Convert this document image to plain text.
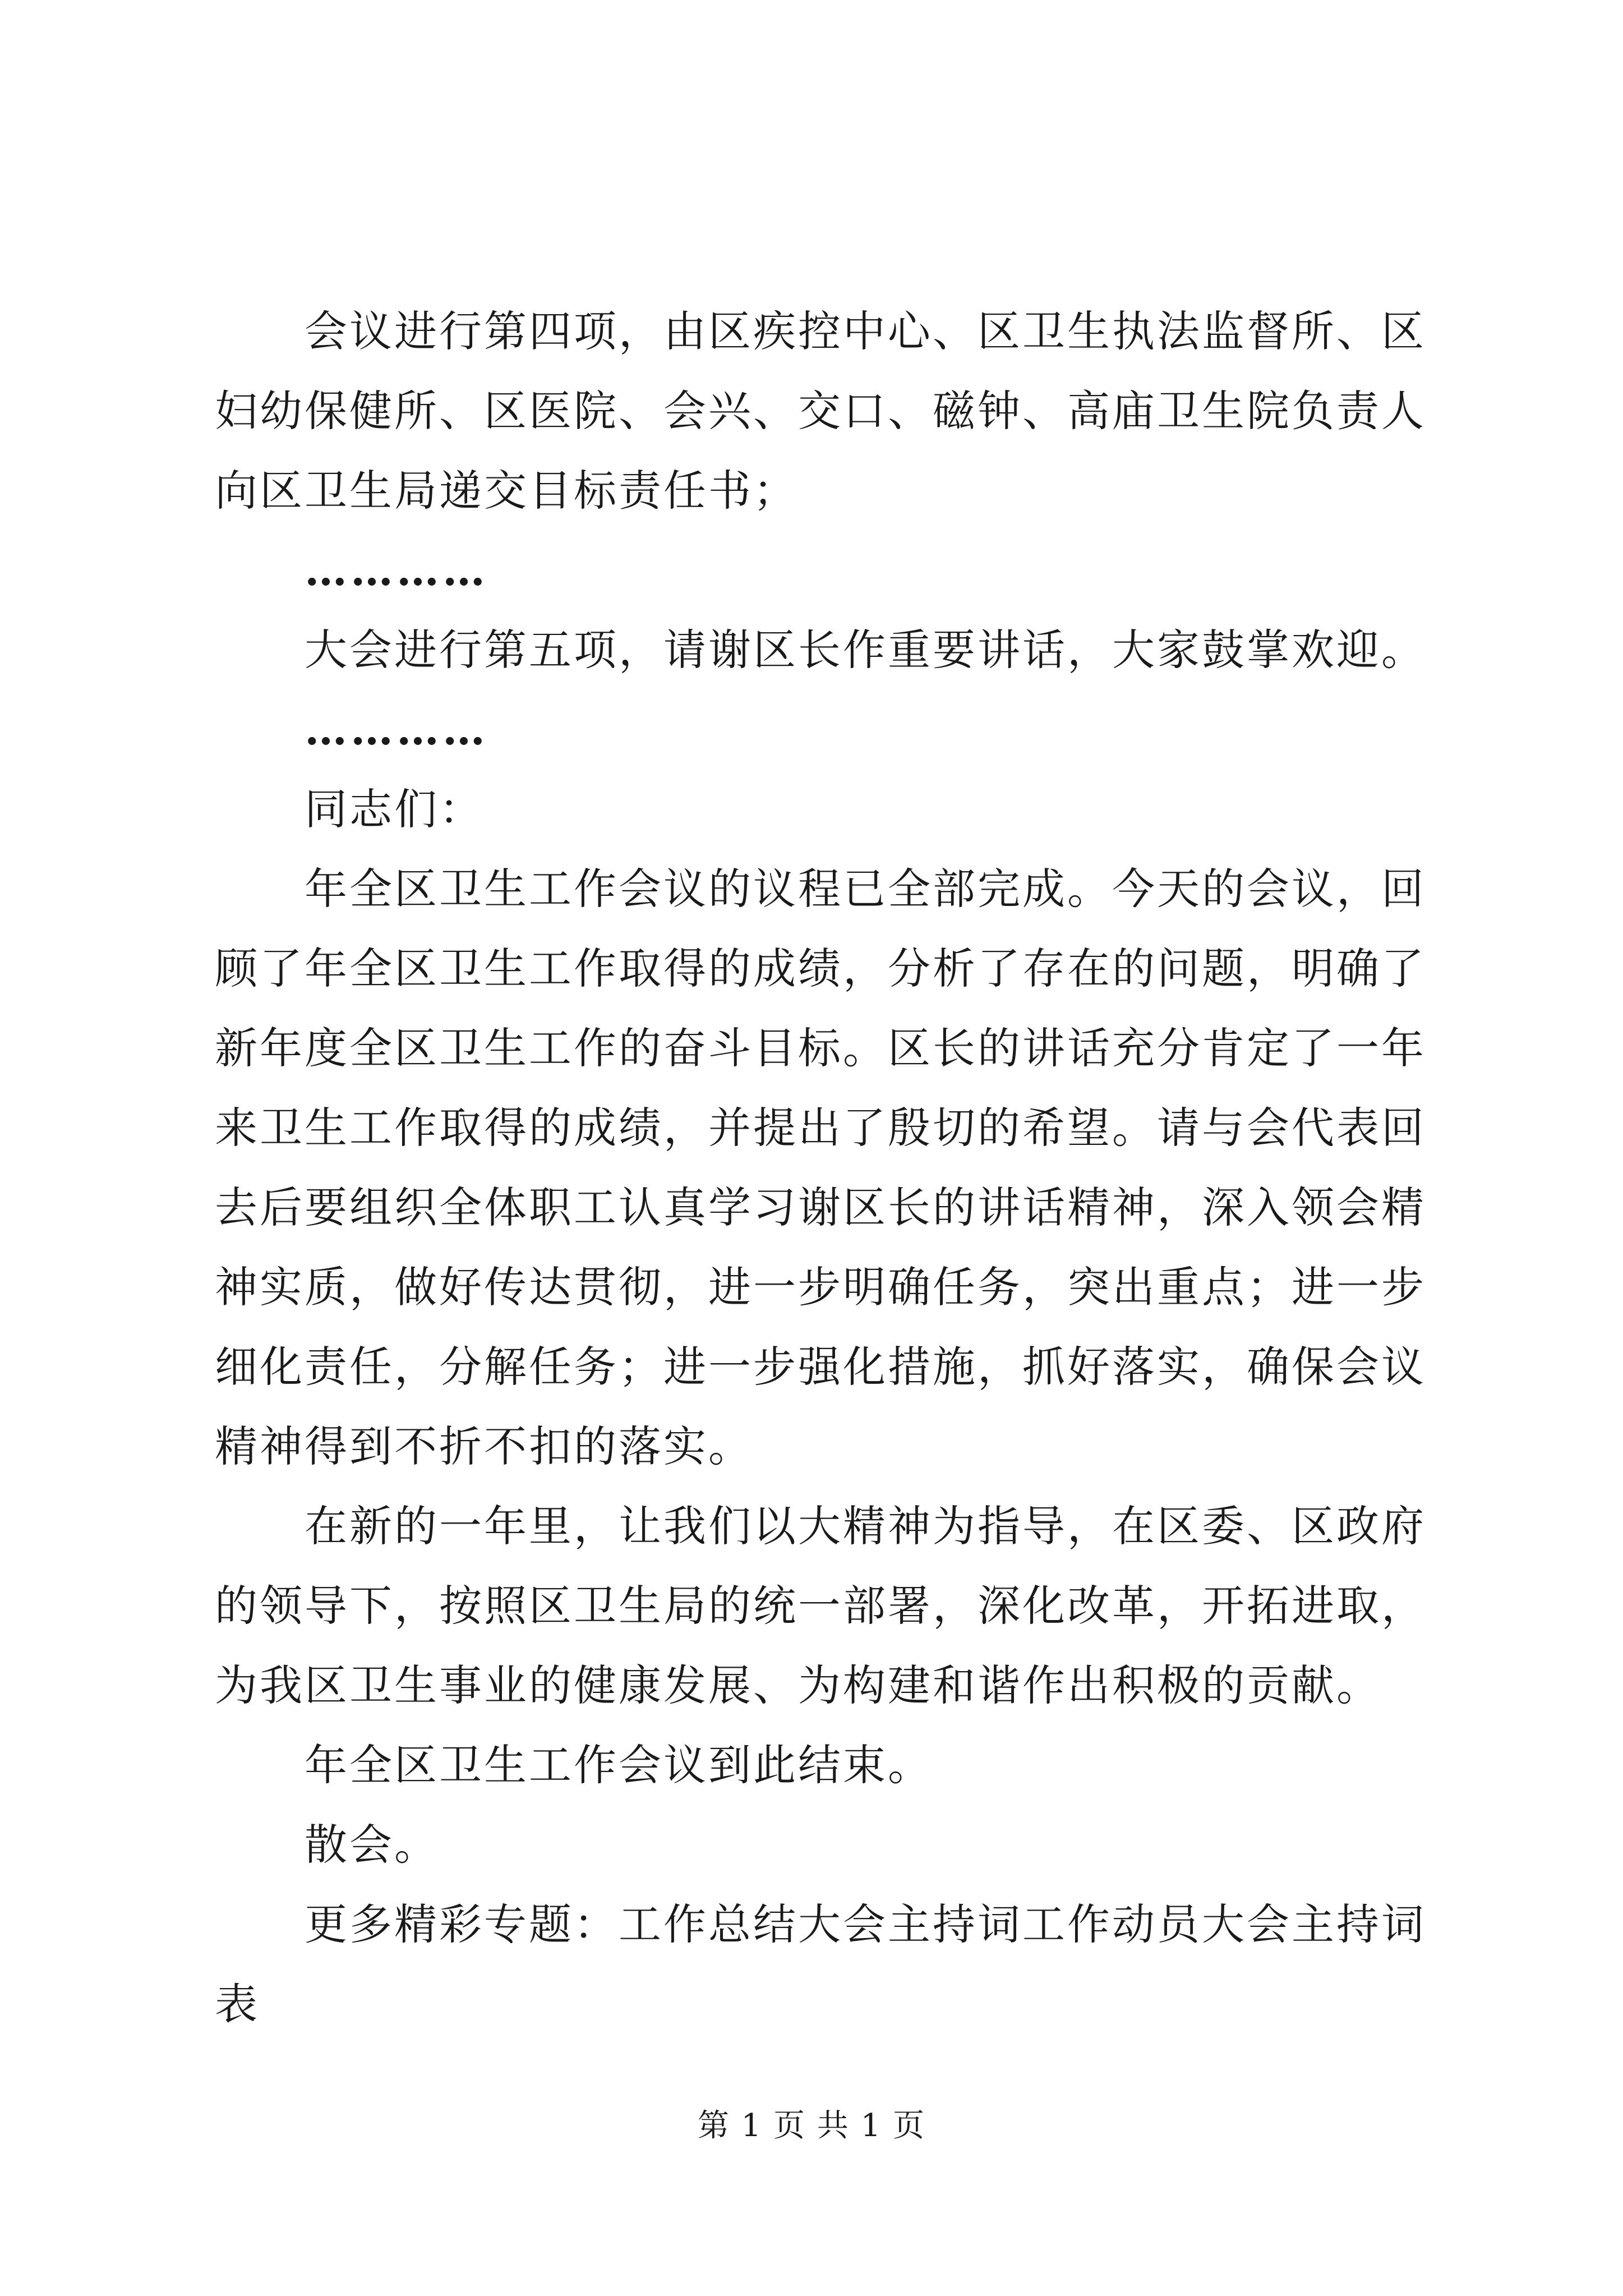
会议进行第四项，由区疾控中心、区卫生执法监督所、区妇幼保健所、区医院、会兴、交口、磁钟、高庙卫生院负责人向区卫生局递交目标责任书；

…………

大会进行第五项，请谢区长作重要讲话，大家鼓掌欢迎。

…………

同志们：

年全区卫生工作会议的议程已全部完成。今天的会议，回顾了年全区卫生工作取得的成绩，分析了存在的问题，明确了新年度全区卫生工作的奋斗目标。区长的讲话充分肯定了一年来卫生工作取得的成绩，并提出了殷切的希望。请与会代表回去后要组织全体职工认真学习谢区长的讲话精神，深入领会精神实质，做好传达贯彻，进一步明确任务，突出重点；进一步细化责任，分解任务；进一步强化措施，抓好落实，确保会议精神得到不折不扣的落实。

在新的一年里，让我们以大精神为指导，在区委、区政府的领导下，按照区卫生局的统一部署，深化改革，开拓进取，为我区卫生事业的健康发展、为构建和谐作出积极的贡献。

年全区卫生工作会议到此结束。

散会。

更多精彩专题：工作总结大会主持词工作动员大会主持词表

第 1 页 共 1 页
